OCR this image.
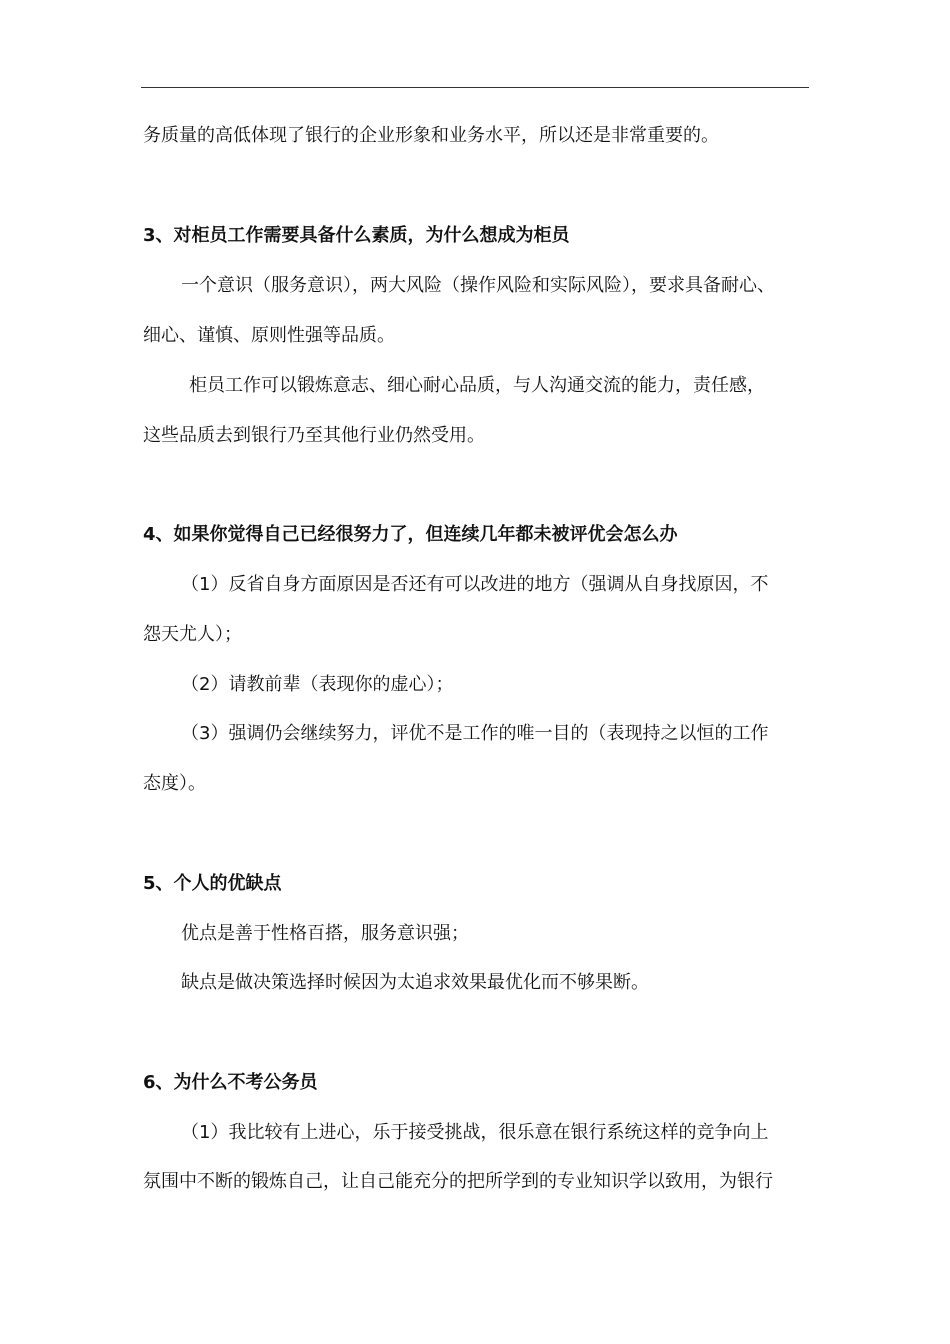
务质量的高低体现了银行的企业形象和业务水平，所以还是非常重要的。
3、对柜员工作需要具备什么素质，为什么想成为柜员
一个意识（服务意识），两大风险（操作风险和实际风险），要求具备耐心、
细心、谨慎、原则性强等品质。
柜员工作可以锻炼意志、细心耐心品质，与人沟通交流的能力，责任感，
这些品质去到银行乃至其他行业仍然受用。
4、如果你觉得自己已经很努力了，但连续几年都未被评优会怎么办
（1）反省自身方面原因是否还有可以改进的地方（强调从自身找原因，不
怨天尤人）；
（2）请教前辈（表现你的虚心）；
（3）强调仍会继续努力，评优不是工作的唯一目的（表现持之以恒的工作
态度）。
5、个人的优缺点
优点是善于性格百搭，服务意识强；
缺点是做决策选择时候因为太追求效果最优化而不够果断。
6、为什么不考公务员
（1）我比较有上进心，乐于接受挑战，很乐意在银行系统这样的竞争向上
氛围中不断的锻炼自己，让自己能充分的把所学到的专业知识学以致用，为银行
